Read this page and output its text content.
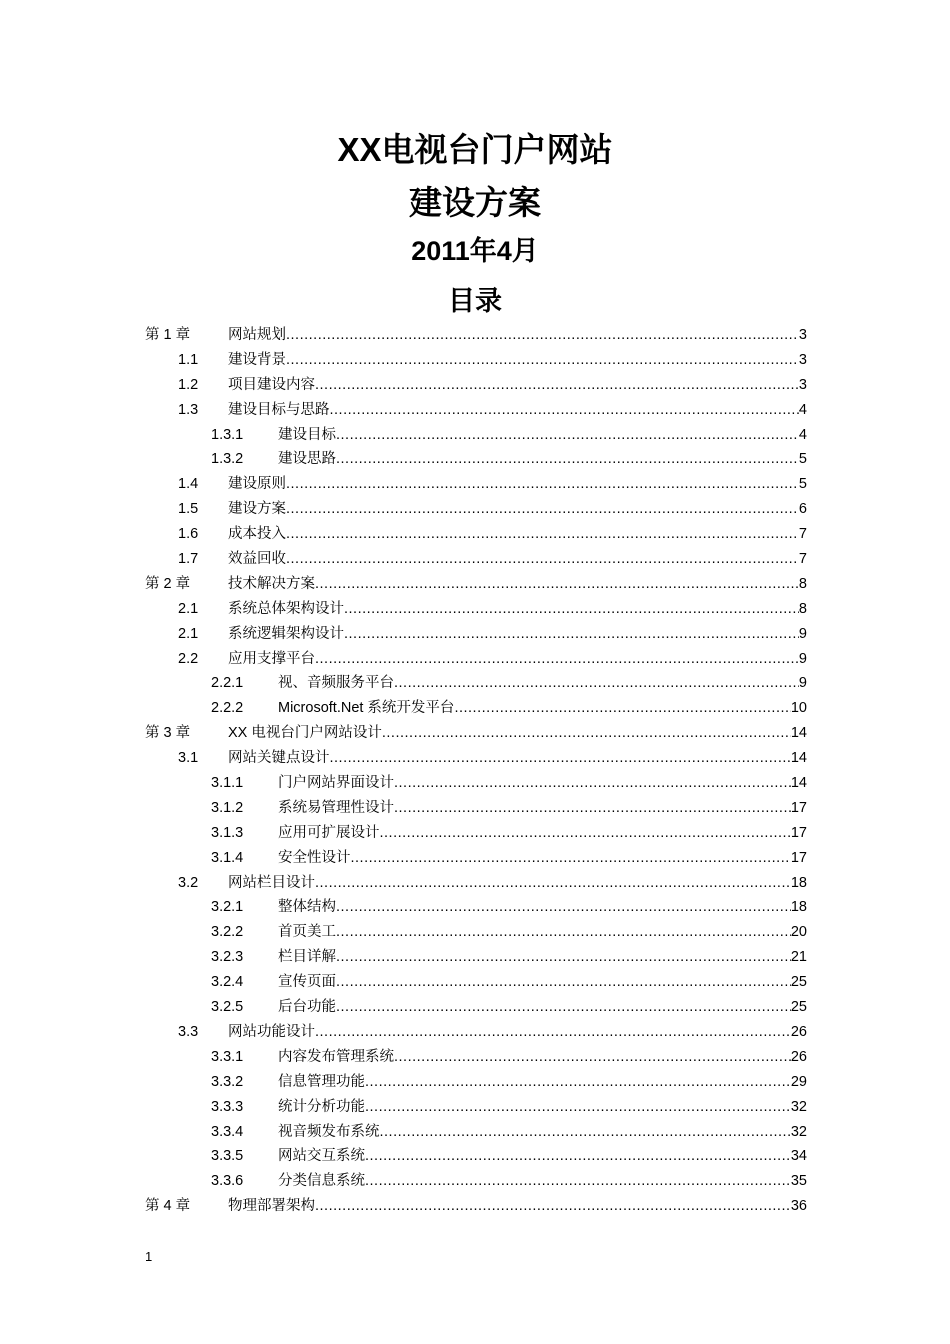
XX电视台门户网站
建设方案
2011年4月
目录
第 1 章	网站规划 .....	3
1.1 建设背景 .....	3
1.2 项目建设内容 .....	3
1.3 建设目标与思路 .....	4
1.3.1 建设目标 .....	4
1.3.2 建设思路 .....	5
1.4 建设原则 .....	5
1.5 建设方案 .....	6
1.6 成本投入 .....	7
1.7 效益回收 .....	7
第 2 章	技术解决方案 .....	8
2.1 系统总体架构设计 .....	8
2.1 系统逻辑架构设计 .....	9
2.2 应用支撑平台 .....	9
2.2.1 视、音频服务平台 .....	9
2.2.2 Microsoft.Net 系统开发平台 .....	10
第 3 章	XX 电视台门户网站设计 .....	14
3.1 网站关键点设计 .....	14
3.1.1 门户网站界面设计 .....	14
3.1.2 系统易管理性设计 .....	17
3.1.3 应用可扩展设计 .....	17
3.1.4 安全性设计 .....	17
3.2 网站栏目设计 .....	18
3.2.1 整体结构 .....	18
3.2.2 首页美工 .....	20
3.2.3 栏目详解 .....	21
3.2.4 宣传页面 .....	25
3.2.5 后台功能 .....	25
3.3 网站功能设计 .....	26
3.3.1 内容发布管理系统 .....	26
3.3.2 信息管理功能 .....	29
3.3.3 统计分析功能 .....	32
3.3.4 视音频发布系统 .....	32
3.3.5 网站交互系统 .....	34
3.3.6 分类信息系统 .....	35
第 4 章	物理部署架构 .....	36
1
